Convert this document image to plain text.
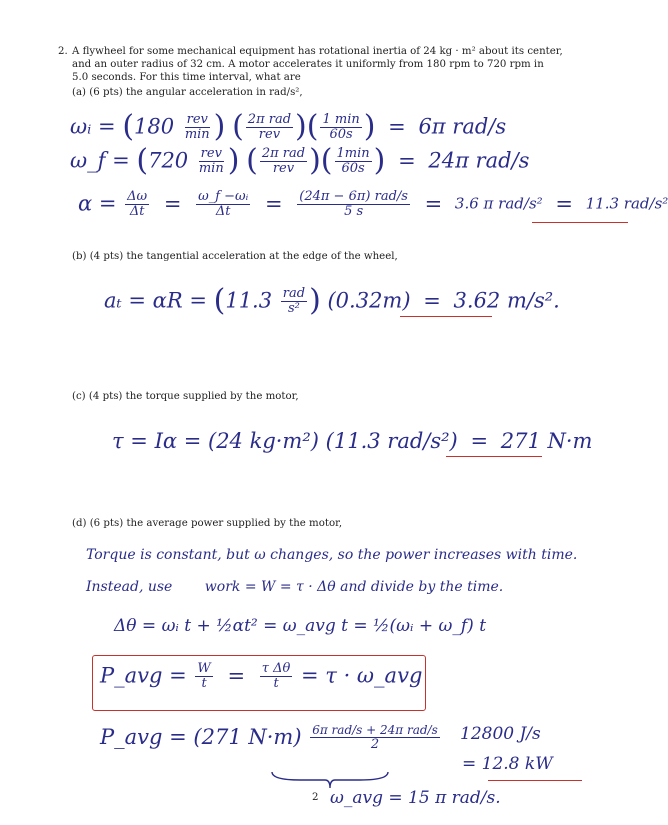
2. A flywheel for some mechanical equipment has rotational inertia of 24 kg · m² about its center,
and an outer radius of 32 cm. A motor accelerates it uniformly from 180 rpm to 720 rpm in
5.0 seconds. For this time interval, what are
(a) (6 pts) the angular acceleration in rad/s²,
ωᵢ = ($180 \frac{\text{rev}}{\min}$ ) ( $\frac{\text{2π rad}}{\text{rev}}$ )( $\frac{1 \min}{60s}$ ) = 6π rad/s
ω_f = ($720 \frac{\text{rev}}{\min}$ ) ( $\frac{\text{2π rad}}{\text{rev}}$ )( $\frac{1\min}{60s}$ ) = 24π rad/s
$\alpha = \frac{\Delta\omega}{\Delta t} = \frac{\text{ω\_f −ωᵢ}}{\Delta t} = \frac{\text{(24π − 6π) rad/s}}{5 s} = 3.6$ π rad/s² = 11.3 rad/s²
(b) (4 pts) the tangential acceleration at the edge of the wheel,
$a_t = \alpha R = (11.3 \frac{\text{rad}}{\text{s²}}$ ) (0.32m) = 3.62 m/s².
(c) (4 pts) the torque supplied by the motor,
τ = Iα = (24 kg·m²) (11.3 rad/s²) = 271 N·m
(d) (6 pts) the average power supplied by the motor,
Torque is constant, but ω changes, so the power increases with time.
Instead, use work = W = τ · Δθ and divide by the time.
Δθ = ωᵢ t + ½αt² = ω_avg t = ½(ωᵢ + ω_f) t
P_avg = $\frac{W}{t} = \frac{\text{τ Δθ}}{t} = \tau$ · ω_avg
P_avg = (271 $N\cdot m) \frac{\text{6π rad/s + 24π rad/s}}{2} 12800$ J/s
= 12.8 kW
2 ω_avg = 15 π rad/s.
